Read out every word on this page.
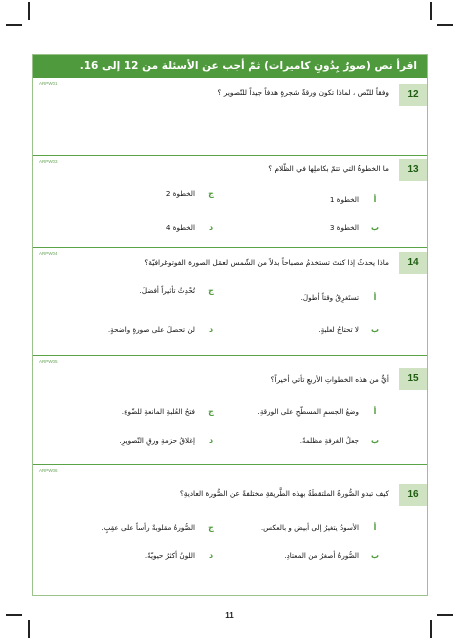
اقرأ نص (صورٌ بِدُونِ كاميرات) ثمّ أجب عن الأسئلة من 12 إلى 16.
ARPW01
12
وفقاً للنّص ، لماذا تكون ورقةٌ شجرةٍ هدفاً جيداً للتّصوير ؟
ARPW03
13
ما الخطوةُ التي تتمّ بكاملِها في الظّلام ؟
أالخطوة 1
بالخطوة 3
جالخطوة 2
دالخطوة 4
ARPW04
14
ماذا يحدثُ إذا كنتَ تستخدمُ مصباحاً بدلاً من الشّمس لعمَل الصورة الفوتوغرافيّة؟
أتستَغرِقُ وقتاً أطولَ.
بلا تحتاجُ لعلبةٍ.
جتُحْدِثُ تأثيراً أفضلَ.
دلن تحصلَ على صورةٍ واضحةٍ.
ARPW05
15
أيٌّ من هذه الخطواتِ الأربعِ تأتي أخيراً؟
أوضعُ الجسمِ المسطّحِ على الورقةِ.
بجعلُ الغرفةِ مظلمةً.
جفتحُ العُلبةِ المانعةِ للضّوءِ.
دإغلاقُ حزمةِ ورقِ التّصويرِ.
ARPW06
16
كيف تبدو الصُّورةُ الملتقطَةُ بهذه الطَّريقةِ مختلفةً عن الصُّورة العاديةِ؟
أالأسودُ يتغيرُ إلى أبيض و بالعكس.
بالصُّورةُ أصغرُ من المعتادِ.
جالصُّورةُ مقلوبةٌ رأساً على عقِبٍ.
داللونُ أكثرُ حيويّةً.
11
